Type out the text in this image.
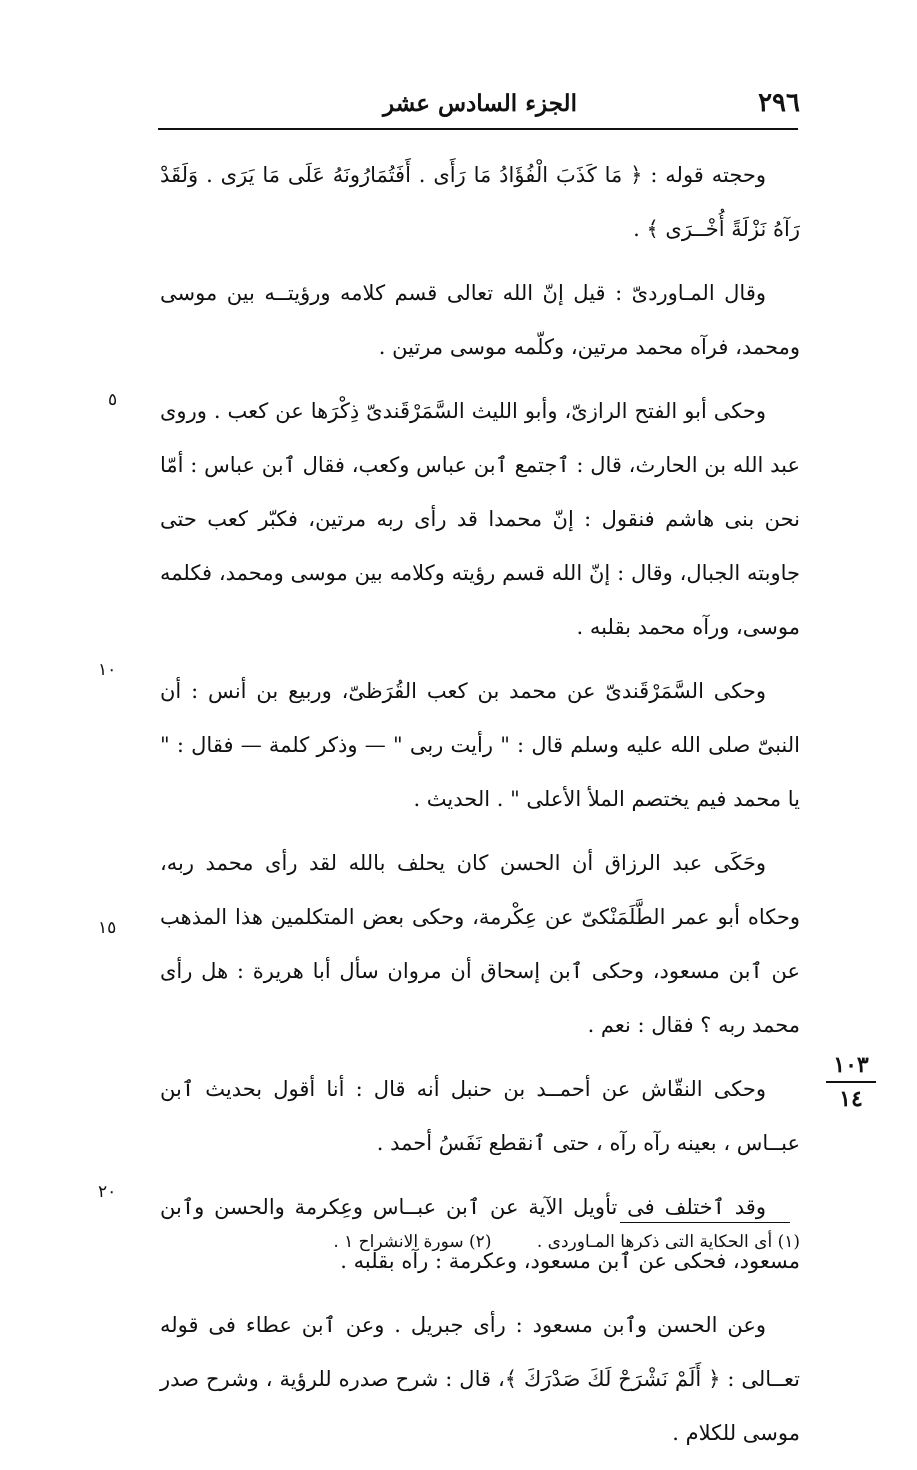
٢٩٦
الجزء السادس عشر

وحجته قوله : ﴿ مَا كَذَبَ الْفُؤَادُ مَا رَأَى . أَفَتُمَارُونَهُ عَلَى مَا يَرَى . وَلَقَدْ رَآهُ نَزْلَةً أُخْــرَى ﴾ .

وقال المـاوردىّ : قيل إنّ الله تعالى قسم كلامه ورؤيتــه بين موسى ومحمد، فرآه محمد مرتين، وكلّمه موسى مرتين .

وحكى أبو الفتح الرازىّ، وأبو الليث السَّمَرْقَندىّ ذِكْرَها عن كعب . وروى عبد الله بن الحارث، قال : ٱجتمع ٱبن عباس وكعب، فقال ٱبن عباس : أمّا نحن بنى هاشم فنقول : إنّ محمدا قد رأى ربه مرتين، فكبّر كعب حتى جاوبته الجبال، وقال : إنّ الله قسم رؤيته وكلامه بين موسى ومحمد، فكلمه موسى، ورآه محمد بقلبه .

وحكى السَّمَرْقَندىّ عن محمد بن كعب القُرَظىّ، وربيع بن أنس : أن النبىّ صلى الله عليه وسلم قال : " رأيت ربى " — وذكر كلمة — فقال : " يا محمد فيم يختصم الملأ الأعلى " . الحديث .

وحَكَى عبد الرزاق أن الحسن كان يحلف بالله لقد رأى محمد ربه، وحكاه أبو عمر الطَّلَمَنْكىّ عن عِكْرمة، وحكى بعض المتكلمين هذا المذهب عن ٱبن مسعود، وحكى ٱبن إسحاق أن مروان سأل أبا هريرة : هل رأى محمد ربه ؟ فقال : نعم .

وحكى النقّاش عن أحمــد بن حنبل أنه قال : أنا أقول بحديث ٱبن عبــاس ، بعينه رآه رآه ، حتى ٱنقطع نَفَسُ أحمد .

وقد ٱختلف فى تأويل الآية عن ٱبن عبــاس وعِكرمة والحسن وٱبن مسعود، فحكى عن ٱبن مسعود، وعكرمة : رآه بقلبه .

وعن الحسن وٱبن مسعود : رأى جبريل . وعن ٱبن عطاء فى قوله تعــالى : ﴿ أَلَمْ نَشْرَحْ لَكَ صَدْرَكَ ﴾، قال : شرح صدره للرؤية ، وشرح صدر موسى للكلام .

٥
١٠
١٥
٢٠
١٠٣
١٤
(١) أى الحكاية التى ذكرها المـاوردى . (٢) سورة الانشراح ١ .
